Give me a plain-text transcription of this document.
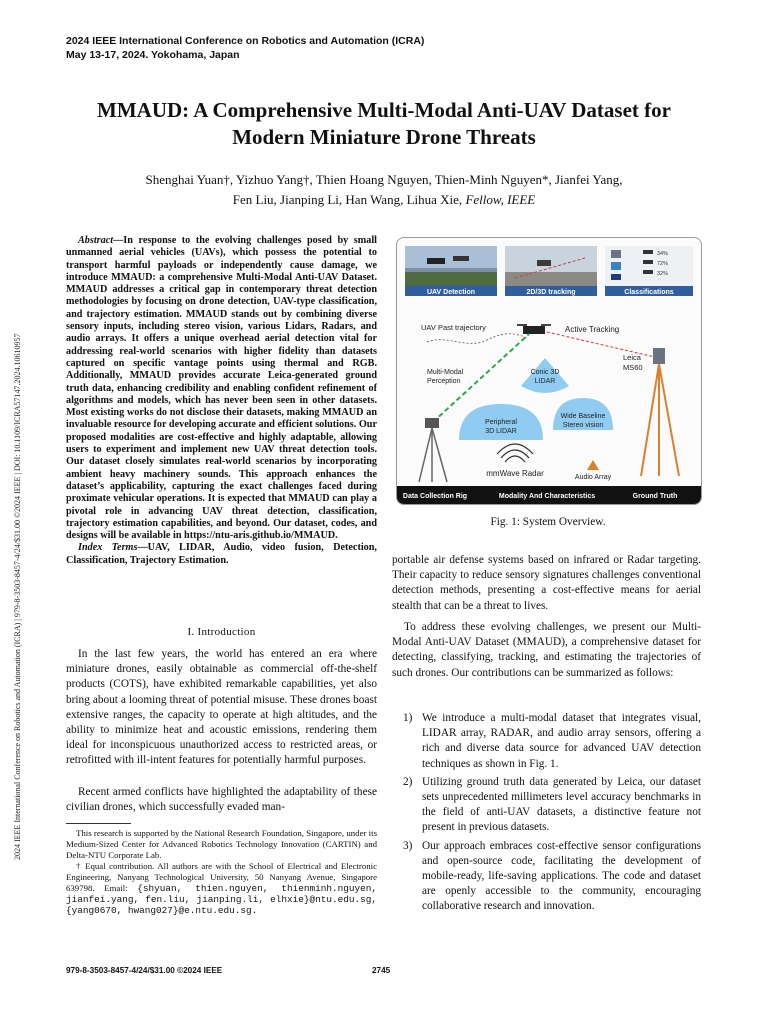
2024 IEEE International Conference on Robotics and Automation (ICRA)
May 13-17, 2024. Yokohama, Japan
2024 IEEE International Conference on Robotics and Automation (ICRA) | 979-8-3503-8457-4/24/$31.00 ©2024 IEEE | DOI: 10.1109/ICRA57147.2024.10610957
MMAUD: A Comprehensive Multi-Modal Anti-UAV Dataset for
Modern Miniature Drone Threats
Shenghai Yuan†, Yizhuo Yang†, Thien Hoang Nguyen, Thien-Minh Nguyen*, Jianfei Yang,
Fen Liu, Jianping Li, Han Wang, Lihua Xie, Fellow, IEEE

Abstract—In response to the evolving challenges posed by small unmanned aerial vehicles (UAVs), which possess the potential to transport harmful payloads or independently cause damage, we introduce MMAUD: a comprehensive Multi-Modal Anti-UAV Dataset. MMAUD addresses a critical gap in contemporary threat detection methodologies by focusing on drone detection, UAV-type classification, and trajectory estimation. MMAUD stands out by combining diverse sensory inputs, including stereo vision, various Lidars, Radars, and audio arrays. It offers a unique overhead aerial detection vital for addressing real-world scenarios with higher fidelity than datasets captured on specific vantage points using thermal and RGB. Additionally, MMAUD provides accurate Leica-generated ground truth data, enhancing credibility and enabling confident refinement of algorithms and models, which has never been seen in other datasets. Most existing works do not disclose their datasets, making MMAUD an invaluable resource for developing accurate and efficient solutions. Our proposed modalities are cost-effective and highly adaptable, allowing users to experiment and implement new UAV threat detection tools. Our dataset closely simulates real-world scenarios by incorporating ambient heavy machinery sounds. This approach enhances the dataset’s applicability, capturing the exact challenges faced during proximate vehicular operations. It is expected that MMAUD can play a pivotal role in advancing UAV threat detection, classification, trajectory estimation capabilities, and beyond. Our dataset, codes, and designs will be available in https://ntu-aris.github.io/MMAUD.

Index Terms—UAV, LIDAR, Audio, video fusion, Detection, Classification, Trajectory Estimation.

I. Introduction

In the last few years, the world has entered an era where miniature drones, easily obtainable as commercial off-the-shelf products (COTS), have exhibited remarkable capabilities, yet also bring about a looming threat of potential misuse. These drones boast extensive ranges, the capacity to operate at high altitudes, and the ability to minimize heat and acoustic emissions, rendering them ideal for inconspicuous unauthorized access to restricted areas, or retrofitted with ill-intent features for potentially harmful purposes.

Recent armed conflicts have highlighted the adaptability of these civilian drones, which successfully evaded man-

This research is supported by the National Research Foundation, Singapore, under its Medium-Sized Center for Advanced Robotics Technology Innovation (CARTIN) and Delta-NTU Corporate Lab.

† Equal contribution. All authors are with the School of Electrical and Electronic Engineering, Nanyang Technological University, 50 Nanyang Avenue, Singapore 639798. Email: {shyuan, thien.nguyen, thienminh.nguyen, jianfei.yang, fen.liu, jianping.li, elhxie}@ntu.edu.sg, {yang0670, hwang027}@e.ntu.edu.sg.

979-8-3503-8457-4/24/$31.00 ©2024 IEEE	2745
UAV Detection	2D/3D tracking
34%
72%
32%
Classifications
UAV Past trajectory	Active Tracking
Leica
MS60
Multi-Modal
Perception
Conic 3D
LIDAR
Peripheral
3D LIDAR
Wide Baseline
Stereo vision
mmWave Radar	Audio Array
Data Collection Rig	Modality And Characteristics	Ground Truth
Fig. 1: System Overview.

portable air defense systems based on infrared or Radar targeting. Their capacity to reduce sensory signatures challenges conventional detection methods, presenting a cost-effective means for aerial stealth that can be a threat to lives.

To address these evolving challenges, we present our Multi-Modal Anti-UAV Dataset (MMAUD), a comprehensive dataset for detecting, classifying, tracking, and estimating the trajectories of such drones. Our contributions can be summarized as follows:

1) We introduce a multi-modal dataset that integrates visual, LIDAR array, RADAR, and audio array sensors, offering a rich and diverse data source for advanced UAV detection techniques as shown in Fig. 1.
2) Utilizing ground truth data generated by Leica, our dataset sets unprecedented millimeters level accuracy benchmarks in the field of anti-UAV datasets, a distinctive feature not present in previous datasets.
3) Our approach embraces cost-effective sensor configurations and open-source code, facilitating the development of mobile-ready, life-saving applications. The code and dataset are openly accessible to the community, encouraging collaborative research and innovation.
